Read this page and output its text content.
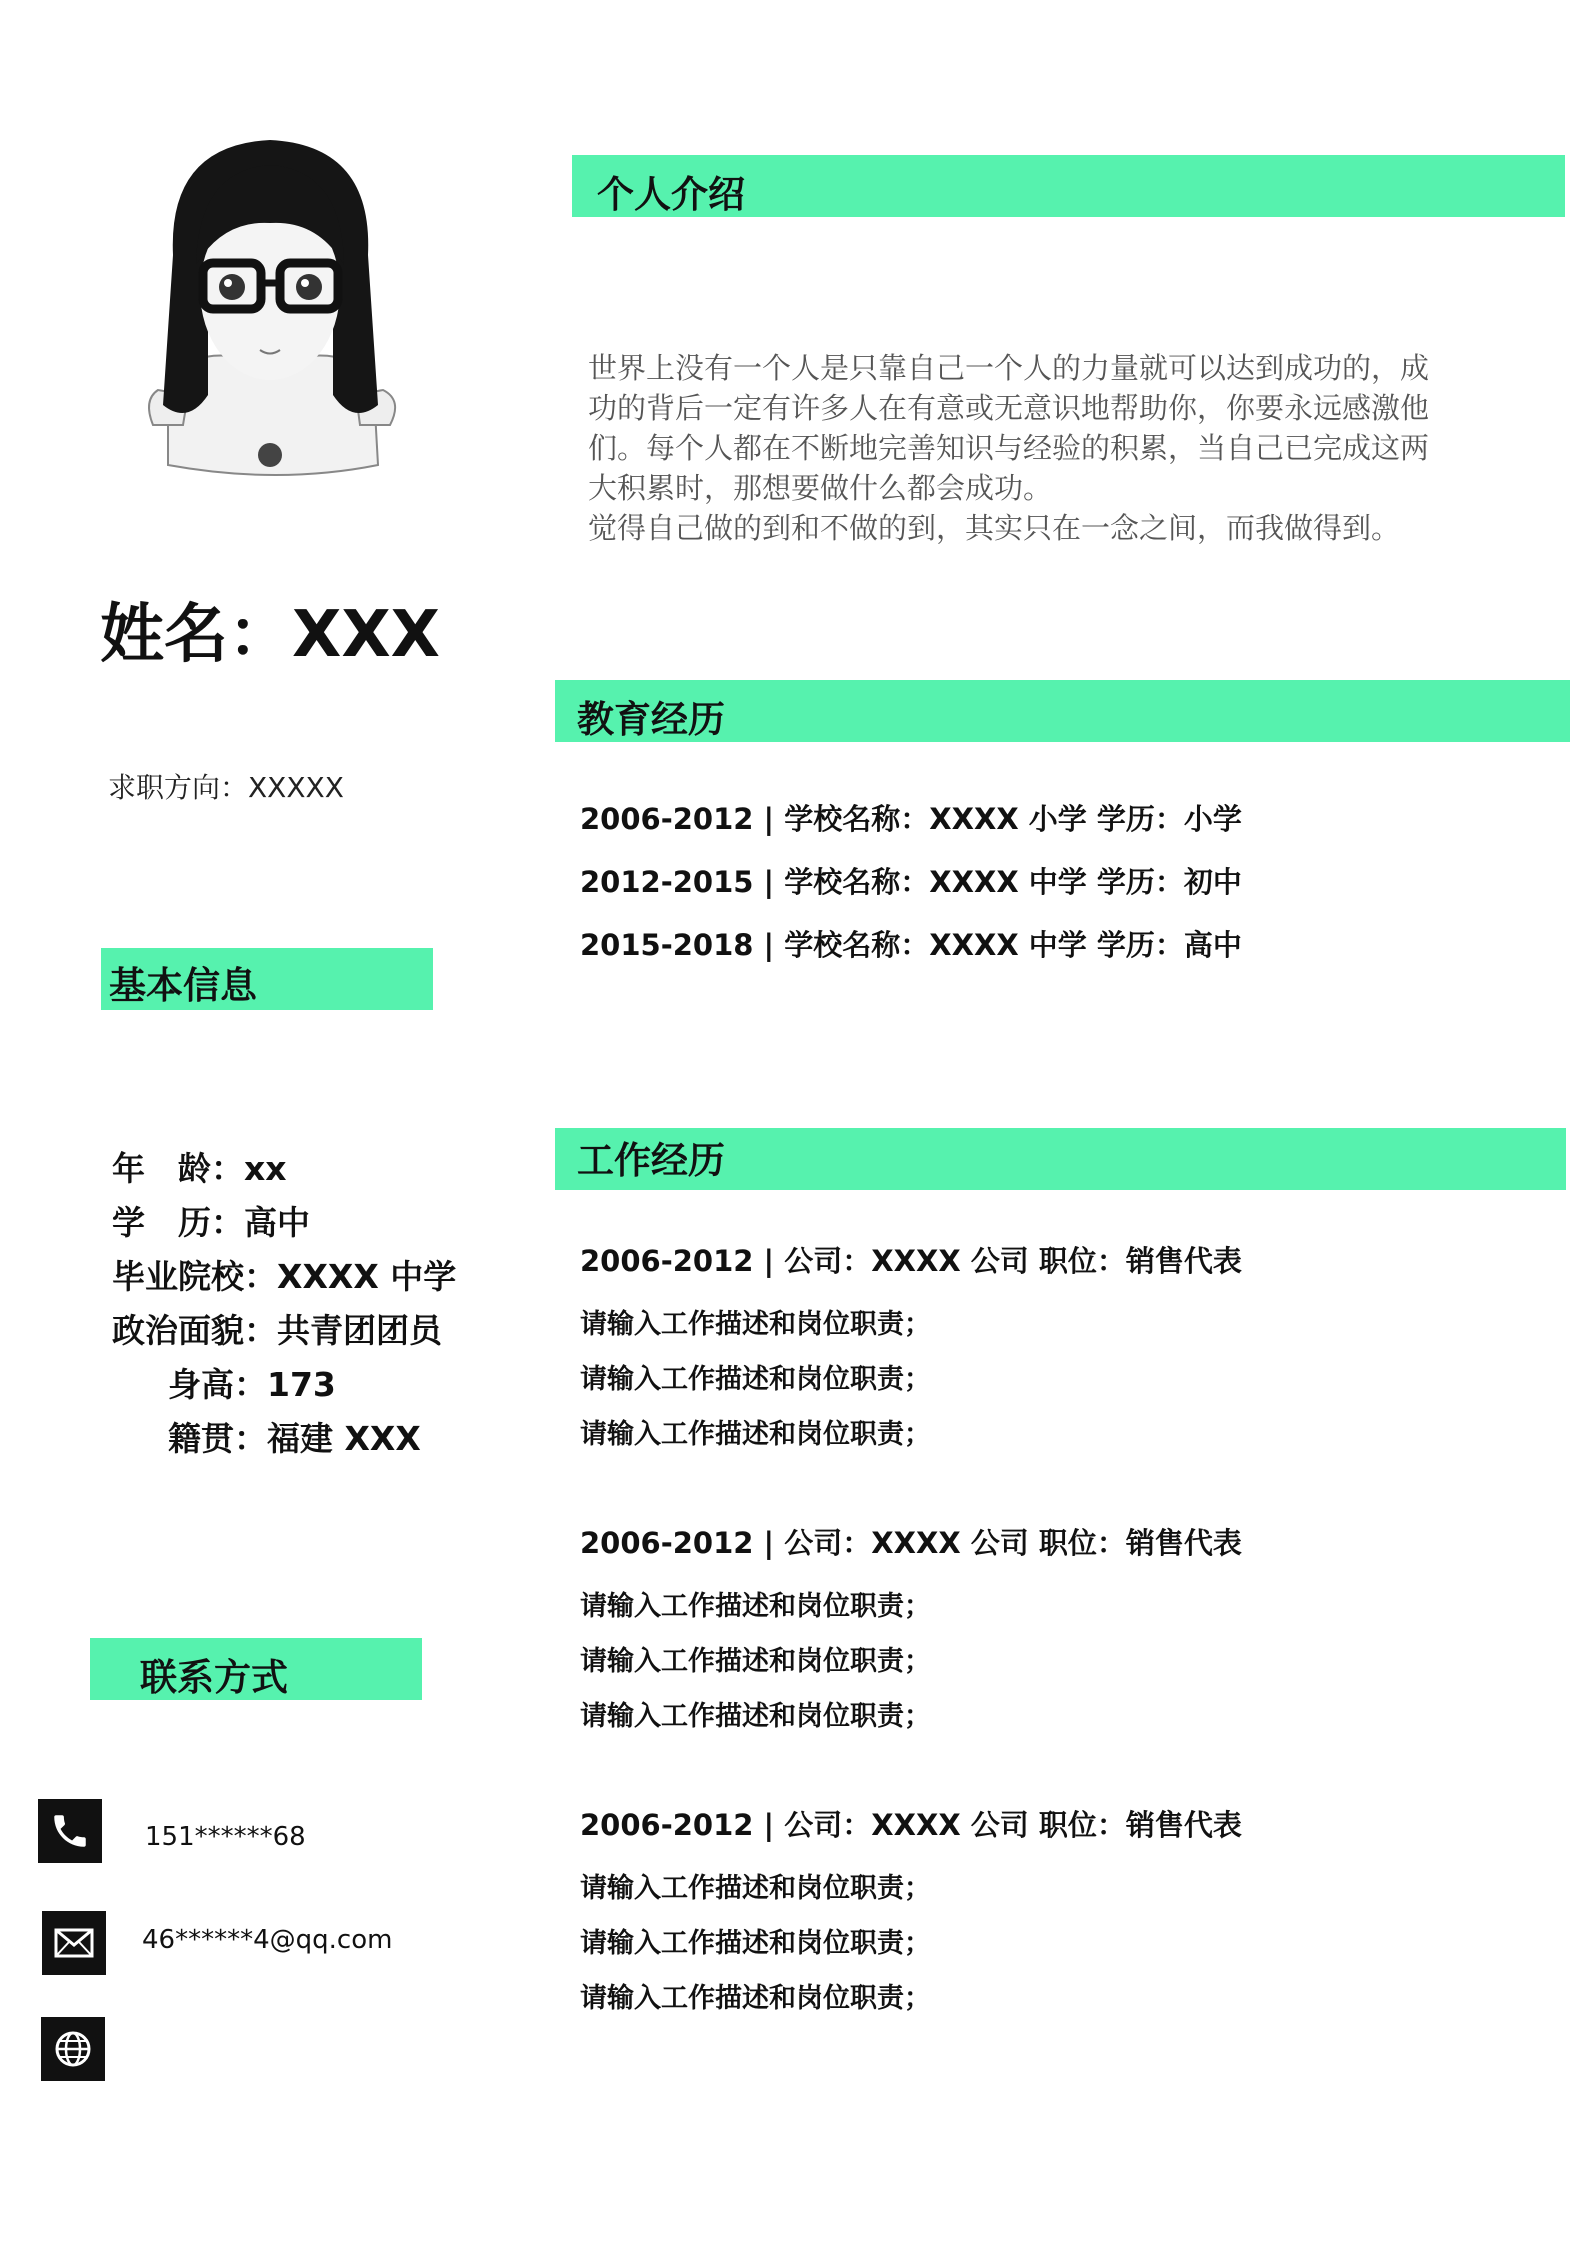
姓名：XXX
求职方向：XXXXX
基本信息
年　龄：xx
学　历：高中
毕业院校：XXXX 中学
政治面貌：共青团团员
身高：173
籍贯：福建 XXX
联系方式
151******68
46******4@qq.com
个人介绍

世界上没有一个人是只靠自己一个人的力量就可以达到成功的，成

功的背后一定有许多人在有意或无意识地帮助你，你要永远感激他

们。每个人都在不断地完善知识与经验的积累，当自己已完成这两

大积累时，那想要做什么都会成功。

觉得自己做的到和不做的到，其实只在一念之间，而我做得到。

教育经历
2006-2012 | 学校名称：XXXX 小学 学历：小学
2012-2015 | 学校名称：XXXX 中学 学历：初中
2015-2018 | 学校名称：XXXX 中学 学历：高中
工作经历
2006-2012 | 公司：XXXX 公司 职位：销售代表
请输入工作描述和岗位职责；
请输入工作描述和岗位职责；
请输入工作描述和岗位职责；
2006-2012 | 公司：XXXX 公司 职位：销售代表
请输入工作描述和岗位职责；
请输入工作描述和岗位职责；
请输入工作描述和岗位职责；
2006-2012 | 公司：XXXX 公司 职位：销售代表
请输入工作描述和岗位职责；
请输入工作描述和岗位职责；
请输入工作描述和岗位职责；
